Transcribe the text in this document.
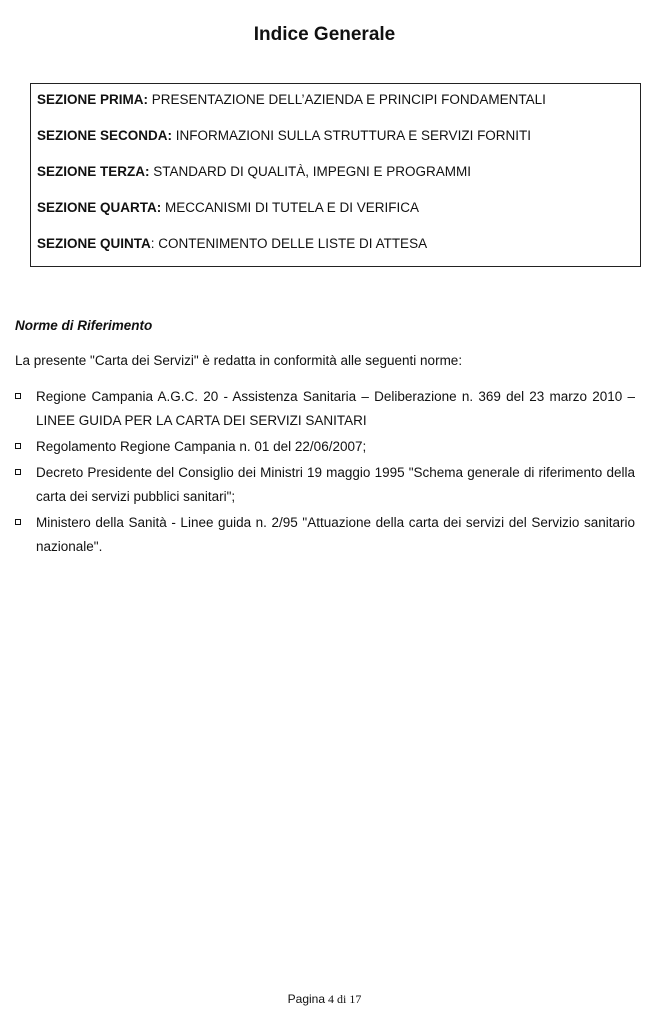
Indice Generale
SEZIONE PRIMA: PRESENTAZIONE DELL’AZIENDA E PRINCIPI FONDAMENTALI
SEZIONE SECONDA: INFORMAZIONI SULLA STRUTTURA E SERVIZI FORNITI
SEZIONE TERZA: STANDARD DI QUALITÀ, IMPEGNI E PROGRAMMI
SEZIONE QUARTA: MECCANISMI DI TUTELA E DI VERIFICA
SEZIONE QUINTA: CONTENIMENTO DELLE LISTE DI ATTESA
Norme di Riferimento
La presente "Carta dei Servizi" è redatta in conformità alle seguenti norme:
Regione Campania A.G.C. 20 - Assistenza Sanitaria – Deliberazione n. 369 del 23 marzo 2010 – LINEE GUIDA PER LA CARTA DEI SERVIZI SANITARI
Regolamento Regione Campania n. 01 del 22/06/2007;
Decreto Presidente del Consiglio dei Ministri 19 maggio 1995 "Schema generale di riferimento della carta dei servizi pubblici sanitari";
Ministero della Sanità - Linee guida n. 2/95 "Attuazione della carta dei servizi del Servizio sanitario nazionale".
Pagina 4 di 17
